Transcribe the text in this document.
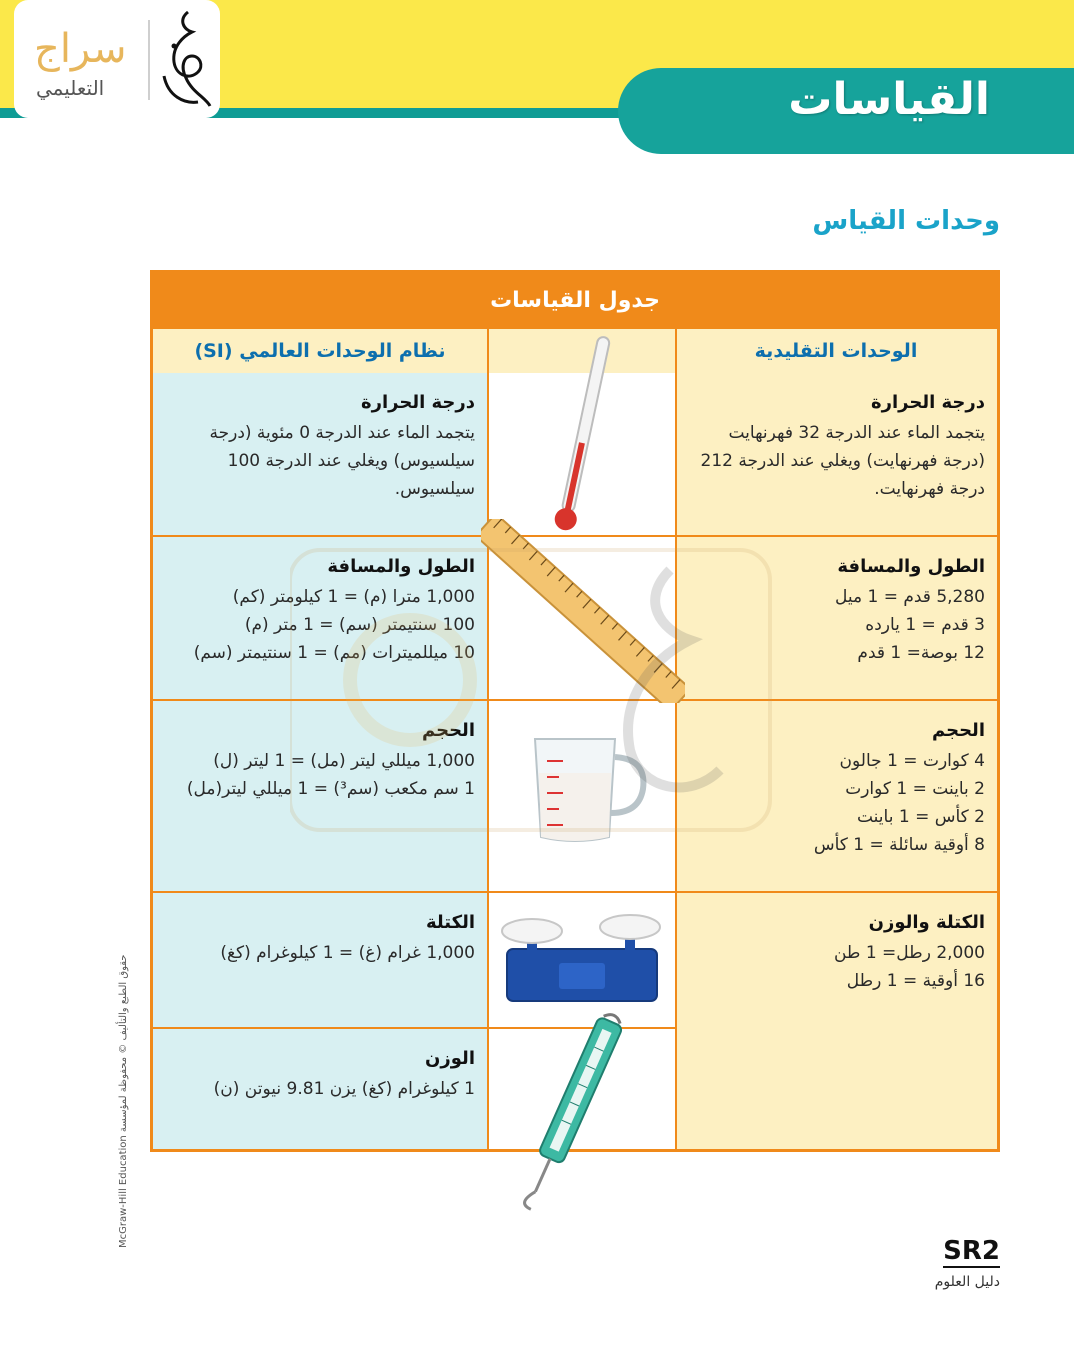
القياسات
سراج
التعليمي
وحدات القياس
جدول القياسات
الوحدات التقليدية
نظام الوحدات العالمي (SI)
درجة الحرارة
يتجمد الماء عند الدرجة 32 فهرنهايت (درجة فهرنهايت) ويغلي عند الدرجة 212 درجة فهرنهايت.
الطول والمسافة
5,280 قدم = 1 ميل
3 قدم = 1 يارده
12 بوصة= 1 قدم
الحجم
4 كوارت = 1 جالون
2 باينت = 1 كوارت
2 كأس = 1 باينت
8 أوقية سائلة = 1 كأس
الكتلة والوزن
2,000 رطل= 1 طن
16 أوقية = 1 رطل
درجة الحرارة
يتجمد الماء عند الدرجة 0 مئوية (درجة سيلسيوس) ويغلي عند الدرجة 100 سيلسيوس.
الطول والمسافة
1,000 مترا (م) = 1 كيلومتر (كم)
100 سنتيمتر (سم) = 1 متر (م)
10 ميللميترات (مم) = 1 سنتيمتر (سم)
الحجم
1,000 ميللي ليتر (مل) = 1 ليتر (ل)
1 سم مكعب (سم³) = 1 ميللي ليتر(مل)
الكتلة
1,000 غرام (غ) = 1 كيلوغرام (كغ)
الوزن
1 كيلوغرام (كغ) يزن 9.81 نيوتن (ن)
حقوق الطبع والتأليف © محفوظة لمؤسسة McGraw-Hill Education
SR2
دليل العلوم
